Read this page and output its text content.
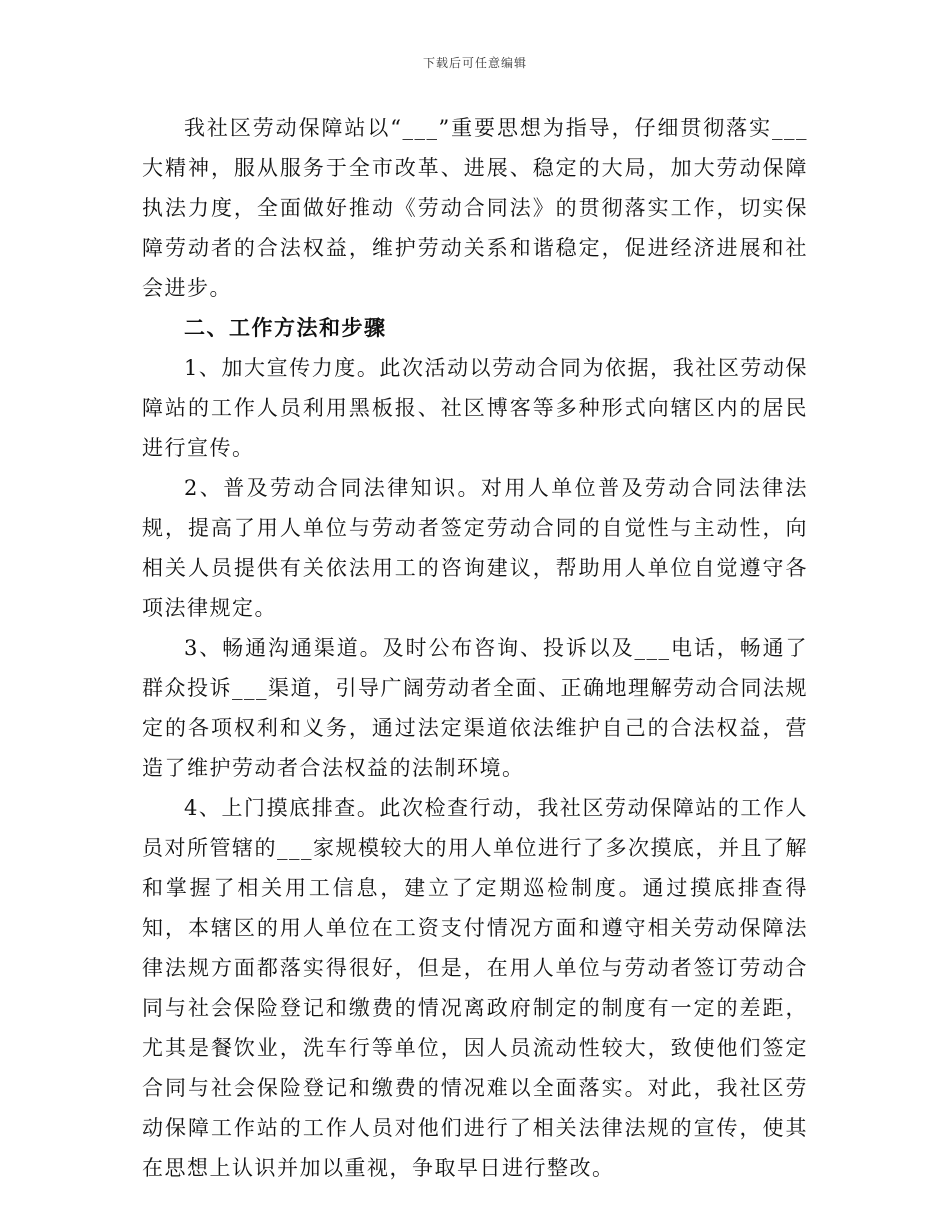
下载后可任意编辑

我社区劳动保障站以“___”重要思想为指导，仔细贯彻落实___大精神，服从服务于全市改革、进展、稳定的大局，加大劳动保障执法力度，全面做好推动《劳动合同法》的贯彻落实工作，切实保障劳动者的合法权益，维护劳动关系和谐稳定，促进经济进展和社会进步。

二、工作方法和步骤

1、加大宣传力度。此次活动以劳动合同为依据，我社区劳动保障站的工作人员利用黑板报、社区博客等多种形式向辖区内的居民进行宣传。

2、普及劳动合同法律知识。对用人单位普及劳动合同法律法规，提高了用人单位与劳动者签定劳动合同的自觉性与主动性，向相关人员提供有关依法用工的咨询建议，帮助用人单位自觉遵守各项法律规定。

3、畅通沟通渠道。及时公布咨询、投诉以及___电话，畅通了群众投诉___渠道，引导广阔劳动者全面、正确地理解劳动合同法规定的各项权利和义务，通过法定渠道依法维护自己的合法权益，营造了维护劳动者合法权益的法制环境。

4、上门摸底排查。此次检查行动，我社区劳动保障站的工作人员对所管辖的___家规模较大的用人单位进行了多次摸底，并且了解和掌握了相关用工信息，建立了定期巡检制度。通过摸底排查得知，本辖区的用人单位在工资支付情况方面和遵守相关劳动保障法律法规方面都落实得很好，但是，在用人单位与劳动者签订劳动合同与社会保险登记和缴费的情况离政府制定的制度有一定的差距，尤其是餐饮业，洗车行等单位，因人员流动性较大，致使他们签定合同与社会保险登记和缴费的情况难以全面落实。对此，我社区劳动保障工作站的工作人员对他们进行了相关法律法规的宣传，使其在思想上认识并加以重视，争取早日进行整改。
